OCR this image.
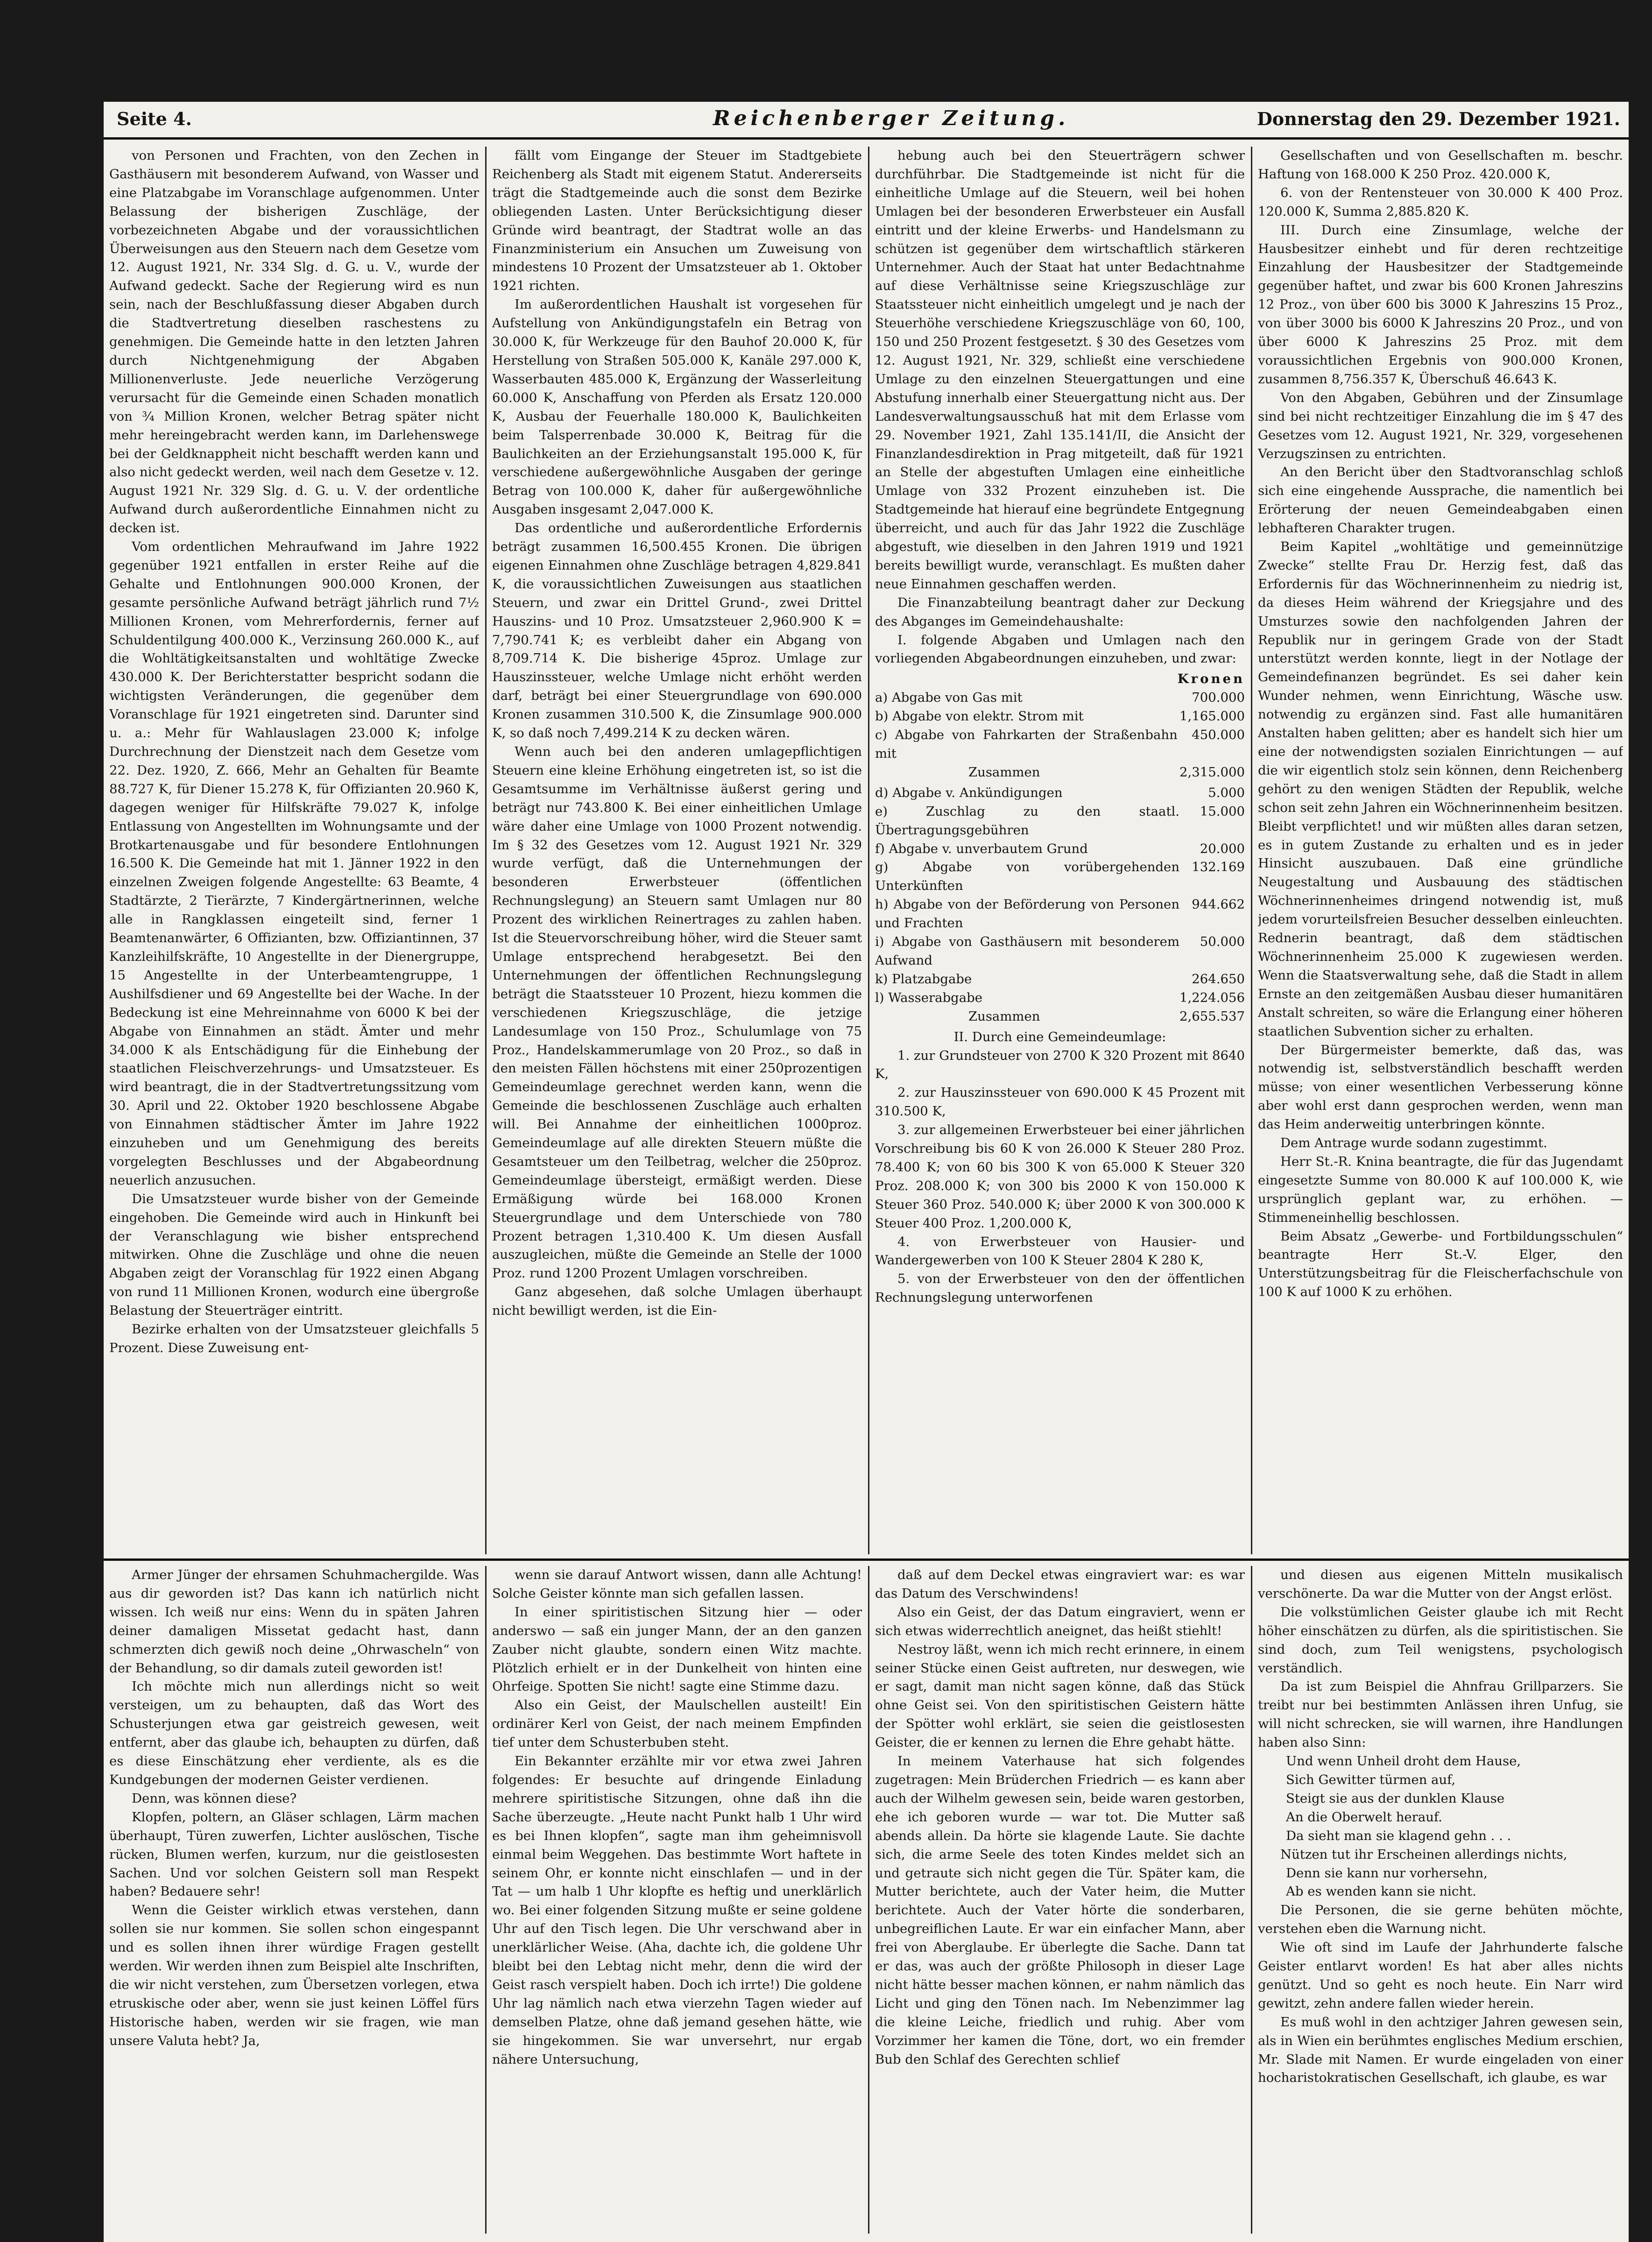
Seite 4.	Reichenberger Zeitung.	Donnerstag den 29. Dezember 1921.

von Personen und Frachten, von den Zechen in Gasthäusern mit besonderem Aufwand, von Wasser und eine Platzabgabe im Voranschlage aufgenommen. Unter Belassung der bisherigen Zuschläge, der vorbezeichneten Abgabe und der voraussichtlichen Überweisungen aus den Steuern nach dem Gesetze vom 12. August 1921, Nr. 334 Slg. d. G. u. V., wurde der Aufwand gedeckt. Sache der Regierung wird es nun sein, nach der Beschlußfassung dieser Abgaben durch die Stadtvertretung dieselben raschestens zu genehmigen. Die Gemeinde hatte in den letzten Jahren durch Nichtgenehmigung der Abgaben Millionenverluste. Jede neuerliche Verzögerung verursacht für die Gemeinde einen Schaden monatlich von ¾ Million Kronen, welcher Betrag später nicht mehr hereingebracht werden kann, im Darlehenswege bei der Geldknappheit nicht beschafft werden kann und also nicht gedeckt werden, weil nach dem Gesetze v. 12. August 1921 Nr. 329 Slg. d. G. u. V. der ordentliche Aufwand durch außerordentliche Einnahmen nicht zu decken ist.

Vom ordentlichen Mehraufwand im Jahre 1922 gegenüber 1921 entfallen in erster Reihe auf die Gehalte und Entlohnungen 900.000 Kronen, der gesamte persönliche Aufwand beträgt jährlich rund 7½ Millionen Kronen, vom Mehrerfordernis, ferner auf Schuldentilgung 400.000 K., Verzinsung 260.000 K., auf die Wohltätigkeitsanstalten und wohltätige Zwecke 430.000 K. Der Berichterstatter bespricht sodann die wichtigsten Veränderungen, die gegenüber dem Voranschlage für 1921 eingetreten sind. Darunter sind u. a.: Mehr für Wahlauslagen 23.000 K; infolge Durchrechnung der Dienstzeit nach dem Gesetze vom 22. Dez. 1920, Z. 666, Mehr an Gehalten für Beamte 88.727 K, für Diener 15.278 K, für Offizianten 20.960 K, dagegen weniger für Hilfskräfte 79.027 K, infolge Entlassung von Angestellten im Wohnungsamte und der Brotkartenausgabe und für besondere Entlohnungen 16.500 K. Die Gemeinde hat mit 1. Jänner 1922 in den einzelnen Zweigen folgende Angestellte: 63 Beamte, 4 Stadtärzte, 2 Tierärzte, 7 Kindergärtnerinnen, welche alle in Rangklassen eingeteilt sind, ferner 1 Beamtenanwärter, 6 Offizianten, bzw. Offiziantinnen, 37 Kanzleihilfskräfte, 10 Angestellte in der Dienergruppe, 15 Angestellte in der Unterbeamtengruppe, 1 Aushilfsdiener und 69 Angestellte bei der Wache. In der Bedeckung ist eine Mehreinnahme von 6000 K bei der Abgabe von Einnahmen an städt. Ämter und mehr 34.000 K als Entschädigung für die Einhebung der staatlichen Fleischverzehrungs- und Umsatzsteuer. Es wird beantragt, die in der Stadtvertretungssitzung vom 30. April und 22. Oktober 1920 beschlossene Abgabe von Einnahmen städtischer Ämter im Jahre 1922 einzuheben und um Genehmigung des bereits vorgelegten Beschlusses und der Abgabeordnung neuerlich anzusuchen.

Die Umsatzsteuer wurde bisher von der Gemeinde eingehoben. Die Gemeinde wird auch in Hinkunft bei der Veranschlagung wie bisher entsprechend mitwirken. Ohne die Zuschläge und ohne die neuen Abgaben zeigt der Voranschlag für 1922 einen Abgang von rund 11 Millionen Kronen, wodurch eine übergroße Belastung der Steuerträger eintritt.

Bezirke erhalten von der Umsatzsteuer gleichfalls 5 Prozent. Diese Zuweisung ent-

fällt vom Eingange der Steuer im Stadtgebiete Reichenberg als Stadt mit eigenem Statut. Andererseits trägt die Stadtgemeinde auch die sonst dem Bezirke obliegenden Lasten. Unter Berücksichtigung dieser Gründe wird beantragt, der Stadtrat wolle an das Finanzministerium ein Ansuchen um Zuweisung von mindestens 10 Prozent der Umsatzsteuer ab 1. Oktober 1921 richten.

Im außerordentlichen Haushalt ist vorgesehen für Aufstellung von Ankündigungstafeln ein Betrag von 30.000 K, für Werkzeuge für den Bauhof 20.000 K, für Herstellung von Straßen 505.000 K, Kanäle 297.000 K, Wasserbauten 485.000 K, Ergänzung der Wasserleitung 60.000 K, Anschaffung von Pferden als Ersatz 120.000 K, Ausbau der Feuerhalle 180.000 K, Baulichkeiten beim Talsperrenbade 30.000 K, Beitrag für die Baulichkeiten an der Erziehungsanstalt 195.000 K, für verschiedene außergewöhnliche Ausgaben der geringe Betrag von 100.000 K, daher für außergewöhnliche Ausgaben insgesamt 2,047.000 K.

Das ordentliche und außerordentliche Erfordernis beträgt zusammen 16,500.455 Kronen. Die übrigen eigenen Einnahmen ohne Zuschläge betragen 4,829.841 K, die voraussichtlichen Zuweisungen aus staatlichen Steuern, und zwar ein Drittel Grund-, zwei Drittel Hauszins- und 10 Proz. Umsatzsteuer 2,960.900 K = 7,790.741 K; es verbleibt daher ein Abgang von 8,709.714 K. Die bisherige 45proz. Umlage zur Hauszinssteuer, welche Umlage nicht erhöht werden darf, beträgt bei einer Steuergrundlage von 690.000 Kronen zusammen 310.500 K, die Zinsumlage 900.000 K, so daß noch 7,499.214 K zu decken wären.

Wenn auch bei den anderen umlagepflichtigen Steuern eine kleine Erhöhung eingetreten ist, so ist die Gesamtsumme im Verhältnisse äußerst gering und beträgt nur 743.800 K. Bei einer einheitlichen Umlage wäre daher eine Umlage von 1000 Prozent notwendig. Im § 32 des Gesetzes vom 12. August 1921 Nr. 329 wurde verfügt, daß die Unternehmungen der besonderen Erwerbsteuer (öffentlichen Rechnungslegung) an Steuern samt Umlagen nur 80 Prozent des wirklichen Reinertrages zu zahlen haben. Ist die Steuervorschreibung höher, wird die Steuer samt Umlage entsprechend herabgesetzt. Bei den Unternehmungen der öffentlichen Rechnungslegung beträgt die Staatssteuer 10 Prozent, hiezu kommen die verschiedenen Kriegszuschläge, die jetzige Landesumlage von 150 Proz., Schulumlage von 75 Proz., Handelskammerumlage von 20 Proz., so daß in den meisten Fällen höchstens mit einer 250prozentigen Gemeindeumlage gerechnet werden kann, wenn die Gemeinde die beschlossenen Zuschläge auch erhalten will. Bei Annahme der einheitlichen 1000proz. Gemeindeumlage auf alle direkten Steuern müßte die Gesamtsteuer um den Teilbetrag, welcher die 250proz. Gemeindeumlage übersteigt, ermäßigt werden. Diese Ermäßigung würde bei 168.000 Kronen Steuergrundlage und dem Unterschiede von 780 Prozent betragen 1,310.400 K. Um diesen Ausfall auszugleichen, müßte die Gemeinde an Stelle der 1000 Proz. rund 1200 Prozent Umlagen vorschreiben.

Ganz abgesehen, daß solche Umlagen überhaupt nicht bewilligt werden, ist die Ein-

hebung auch bei den Steuerträgern schwer durchführbar. Die Stadtgemeinde ist nicht für die einheitliche Umlage auf die Steuern, weil bei hohen Umlagen bei der besonderen Erwerbsteuer ein Ausfall eintritt und der kleine Erwerbs- und Handelsmann zu schützen ist gegenüber dem wirtschaftlich stärkeren Unternehmer. Auch der Staat hat unter Bedachtnahme auf diese Verhältnisse seine Kriegszuschläge zur Staatssteuer nicht einheitlich umgelegt und je nach der Steuerhöhe verschiedene Kriegszuschläge von 60, 100, 150 und 250 Prozent festgesetzt. § 30 des Gesetzes vom 12. August 1921, Nr. 329, schließt eine verschiedene Umlage zu den einzelnen Steuergattungen und eine Abstufung innerhalb einer Steuergattung nicht aus. Der Landesverwaltungsausschuß hat mit dem Erlasse vom 29. November 1921, Zahl 135.141/II, die Ansicht der Finanzlandesdirektion in Prag mitgeteilt, daß für 1921 an Stelle der abgestuften Umlagen eine einheitliche Umlage von 332 Prozent einzuheben ist. Die Stadtgemeinde hat hierauf eine begründete Entgegnung überreicht, und auch für das Jahr 1922 die Zuschläge abgestuft, wie dieselben in den Jahren 1919 und 1921 bereits bewilligt wurde, veranschlagt. Es mußten daher neue Einnahmen geschaffen werden.

Die Finanzabteilung beantragt daher zur Deckung des Abganges im Gemeindehaushalte:

I. folgende Abgaben und Umlagen nach den vorliegenden Abgabeordnungen einzuheben, und zwar:

	Kronen
a) Abgabe von Gas mit	700.000
b) Abgabe von elektr. Strom mit	1,165.000
c) Abgabe von Fahrkarten der Straßenbahn mit	450.000
Zusammen	2,315.000
d) Abgabe v. Ankündigungen	5.000
e) Zuschlag zu den staatl. Übertragungsgebühren	15.000
f) Abgabe v. unverbautem Grund	20.000
g) Abgabe von vorübergehenden Unterkünften	132.169
h) Abgabe von der Beförderung von Personen und Frachten	944.662
i) Abgabe von Gasthäusern mit besonderem Aufwand	50.000
k) Platzabgabe	264.650
l) Wasserabgabe	1,224.056
Zusammen	2,655.537

II. Durch eine Gemeindeumlage:

1. zur Grundsteuer von 2700 K 320 Prozent mit 8640 K,

2. zur Hauszinssteuer von 690.000 K 45 Prozent mit 310.500 K,

3. zur allgemeinen Erwerbsteuer bei einer jährlichen Vorschreibung bis 60 K von 26.000 K Steuer 280 Proz. 78.400 K; von 60 bis 300 K von 65.000 K Steuer 320 Proz. 208.000 K; von 300 bis 2000 K von 150.000 K Steuer 360 Proz. 540.000 K; über 2000 K von 300.000 K Steuer 400 Proz. 1,200.000 K,

4. von Erwerbsteuer von Hausier- und Wandergewerben von 100 K Steuer 2804 K 280 K,

5. von der Erwerbsteuer von den der öffentlichen Rechnungslegung unterworfenen

Gesellschaften und von Gesellschaften m. beschr. Haftung von 168.000 K 250 Proz. 420.000 K,

6. von der Rentensteuer von 30.000 K 400 Proz. 120.000 K, Summa 2,885.820 K.

III. Durch eine Zinsumlage, welche der Hausbesitzer einhebt und für deren rechtzeitige Einzahlung der Hausbesitzer der Stadtgemeinde gegenüber haftet, und zwar bis 600 Kronen Jahreszins 12 Proz., von über 600 bis 3000 K Jahreszins 15 Proz., von über 3000 bis 6000 K Jahreszins 20 Proz., und von über 6000 K Jahreszins 25 Proz. mit dem voraussichtlichen Ergebnis von 900.000 Kronen, zusammen 8,756.357 K, Überschuß 46.643 K.

Von den Abgaben, Gebühren und der Zinsumlage sind bei nicht rechtzeitiger Einzahlung die im § 47 des Gesetzes vom 12. August 1921, Nr. 329, vorgesehenen Verzugszinsen zu entrichten.

An den Bericht über den Stadtvoranschlag schloß sich eine eingehende Aussprache, die namentlich bei Erörterung der neuen Gemeindeabgaben einen lebhafteren Charakter trugen.

Beim Kapitel „wohltätige und gemeinnützige Zwecke“ stellte Frau Dr. Herzig fest, daß das Erfordernis für das Wöchnerinnenheim zu niedrig ist, da dieses Heim während der Kriegsjahre und des Umsturzes sowie den nachfolgenden Jahren der Republik nur in geringem Grade von der Stadt unterstützt werden konnte, liegt in der Notlage der Gemeindefinanzen begründet. Es sei daher kein Wunder nehmen, wenn Einrichtung, Wäsche usw. notwendig zu ergänzen sind. Fast alle humanitären Anstalten haben gelitten; aber es handelt sich hier um eine der notwendigsten sozialen Einrichtungen — auf die wir eigentlich stolz sein können, denn Reichenberg gehört zu den wenigen Städten der Republik, welche schon seit zehn Jahren ein Wöchnerinnenheim besitzen. Bleibt verpflichtet! und wir müßten alles daran setzen, es in gutem Zustande zu erhalten und es in jeder Hinsicht auszubauen. Daß eine gründliche Neugestaltung und Ausbauung des städtischen Wöchnerinnenheimes dringend notwendig ist, muß jedem vorurteilsfreien Besucher desselben einleuchten. Rednerin beantragt, daß dem städtischen Wöchnerinnenheim 25.000 K zugewiesen werden. Wenn die Staatsverwaltung sehe, daß die Stadt in allem Ernste an den zeitgemäßen Ausbau dieser humanitären Anstalt schreiten, so wäre die Erlangung einer höheren staatlichen Subvention sicher zu erhalten.

Der Bürgermeister bemerkte, daß das, was notwendig ist, selbstverständlich beschafft werden müsse; von einer wesentlichen Verbesserung könne aber wohl erst dann gesprochen werden, wenn man das Heim anderweitig unterbringen könnte.

Dem Antrage wurde sodann zugestimmt.

Herr St.-R. Knina beantragte, die für das Jugendamt eingesetzte Summe von 80.000 K auf 100.000 K, wie ursprünglich geplant war, zu erhöhen. — Stimmeneinhellig beschlossen.

Beim Absatz „Gewerbe- und Fortbildungsschulen“ beantragte Herr St.-V. Elger, den Unterstützungsbeitrag für die Fleischerfachschule von 100 K auf 1000 K zu erhöhen.

Armer Jünger der ehrsamen Schuhmachergilde. Was aus dir geworden ist? Das kann ich natürlich nicht wissen. Ich weiß nur eins: Wenn du in späten Jahren deiner damaligen Missetat gedacht hast, dann schmerzten dich gewiß noch deine „Ohrwascheln“ von der Behandlung, so dir damals zuteil geworden ist!

Ich möchte mich nun allerdings nicht so weit versteigen, um zu behaupten, daß das Wort des Schusterjungen etwa gar geistreich gewesen, weit entfernt, aber das glaube ich, behaupten zu dürfen, daß es diese Einschätzung eher verdiente, als es die Kundgebungen der modernen Geister verdienen.

Denn, was können diese?

Klopfen, poltern, an Gläser schlagen, Lärm machen überhaupt, Türen zuwerfen, Lichter auslöschen, Tische rücken, Blumen werfen, kurzum, nur die geistlosesten Sachen. Und vor solchen Geistern soll man Respekt haben? Bedauere sehr!

Wenn die Geister wirklich etwas verstehen, dann sollen sie nur kommen. Sie sollen schon eingespannt und es sollen ihnen ihrer würdige Fragen gestellt werden. Wir werden ihnen zum Beispiel alte Inschriften, die wir nicht verstehen, zum Übersetzen vorlegen, etwa etruskische oder aber, wenn sie just keinen Löffel fürs Historische haben, werden wir sie fragen, wie man unsere Valuta hebt? Ja,

wenn sie darauf Antwort wissen, dann alle Achtung! Solche Geister könnte man sich gefallen lassen.

In einer spiritistischen Sitzung hier — oder anderswo — saß ein junger Mann, der an den ganzen Zauber nicht glaubte, sondern einen Witz machte. Plötzlich erhielt er in der Dunkelheit von hinten eine Ohrfeige. Spotten Sie nicht! sagte eine Stimme dazu.

Also ein Geist, der Maulschellen austeilt! Ein ordinärer Kerl von Geist, der nach meinem Empfinden tief unter dem Schusterbuben steht.

Ein Bekannter erzählte mir vor etwa zwei Jahren folgendes: Er besuchte auf dringende Einladung mehrere spiritistische Sitzungen, ohne daß ihn die Sache überzeugte. „Heute nacht Punkt halb 1 Uhr wird es bei Ihnen klopfen“, sagte man ihm geheimnisvoll einmal beim Weggehen. Das bestimmte Wort haftete in seinem Ohr, er konnte nicht einschlafen — und in der Tat — um halb 1 Uhr klopfte es heftig und unerklärlich wo. Bei einer folgenden Sitzung mußte er seine goldene Uhr auf den Tisch legen. Die Uhr verschwand aber in unerklärlicher Weise. (Aha, dachte ich, die goldene Uhr bleibt bei den Lebtag nicht mehr, denn die wird der Geist rasch verspielt haben. Doch ich irrte!) Die goldene Uhr lag nämlich nach etwa vierzehn Tagen wieder auf demselben Platze, ohne daß jemand gesehen hätte, wie sie hingekommen. Sie war unversehrt, nur ergab nähere Untersuchung,

daß auf dem Deckel etwas eingraviert war: es war das Datum des Verschwindens!

Also ein Geist, der das Datum eingraviert, wenn er sich etwas widerrechtlich aneignet, das heißt stiehlt!

Nestroy läßt, wenn ich mich recht erinnere, in einem seiner Stücke einen Geist auftreten, nur deswegen, wie er sagt, damit man nicht sagen könne, daß das Stück ohne Geist sei. Von den spiritistischen Geistern hätte der Spötter wohl erklärt, sie seien die geistlosesten Geister, die er kennen zu lernen die Ehre gehabt hätte.

In meinem Vaterhause hat sich folgendes zugetragen: Mein Brüderchen Friedrich — es kann aber auch der Wilhelm gewesen sein, beide waren gestorben, ehe ich geboren wurde — war tot. Die Mutter saß abends allein. Da hörte sie klagende Laute. Sie dachte sich, die arme Seele des toten Kindes meldet sich an und getraute sich nicht gegen die Tür. Später kam, die Mutter berichtete, auch der Vater heim, die Mutter berichtete. Auch der Vater hörte die sonderbaren, unbegreiflichen Laute. Er war ein einfacher Mann, aber frei von Aberglaube. Er überlegte die Sache. Dann tat er das, was auch der größte Philosoph in dieser Lage nicht hätte besser machen können, er nahm nämlich das Licht und ging den Tönen nach. Im Nebenzimmer lag die kleine Leiche, friedlich und ruhig. Aber vom Vorzimmer her kamen die Töne, dort, wo ein fremder Bub den Schlaf des Gerechten schlief

und diesen aus eigenen Mitteln musikalisch verschönerte. Da war die Mutter von der Angst erlöst.

Die volkstümlichen Geister glaube ich mit Recht höher einschätzen zu dürfen, als die spiritistischen. Sie sind doch, zum Teil wenigstens, psychologisch verständlich.

Da ist zum Beispiel die Ahnfrau Grillparzers. Sie treibt nur bei bestimmten Anlässen ihren Unfug, sie will nicht schrecken, sie will warnen, ihre Handlungen haben also Sinn:

Und wenn Unheil droht dem Hause,

Sich Gewitter türmen auf,

Steigt sie aus der dunklen Klause

An die Oberwelt herauf.

Da sieht man sie klagend gehn . . .

Nützen tut ihr Erscheinen allerdings nichts,

Denn sie kann nur vorhersehn,

Ab es wenden kann sie nicht.

Die Personen, die sie gerne behüten möchte, verstehen eben die Warnung nicht.

Wie oft sind im Laufe der Jahrhunderte falsche Geister entlarvt worden! Es hat aber alles nichts genützt. Und so geht es noch heute. Ein Narr wird gewitzt, zehn andere fallen wieder herein.

Es muß wohl in den achtziger Jahren gewesen sein, als in Wien ein berühmtes englisches Medium erschien, Mr. Slade mit Namen. Er wurde eingeladen von einer hocharistokratischen Gesellschaft, ich glaube, es war
